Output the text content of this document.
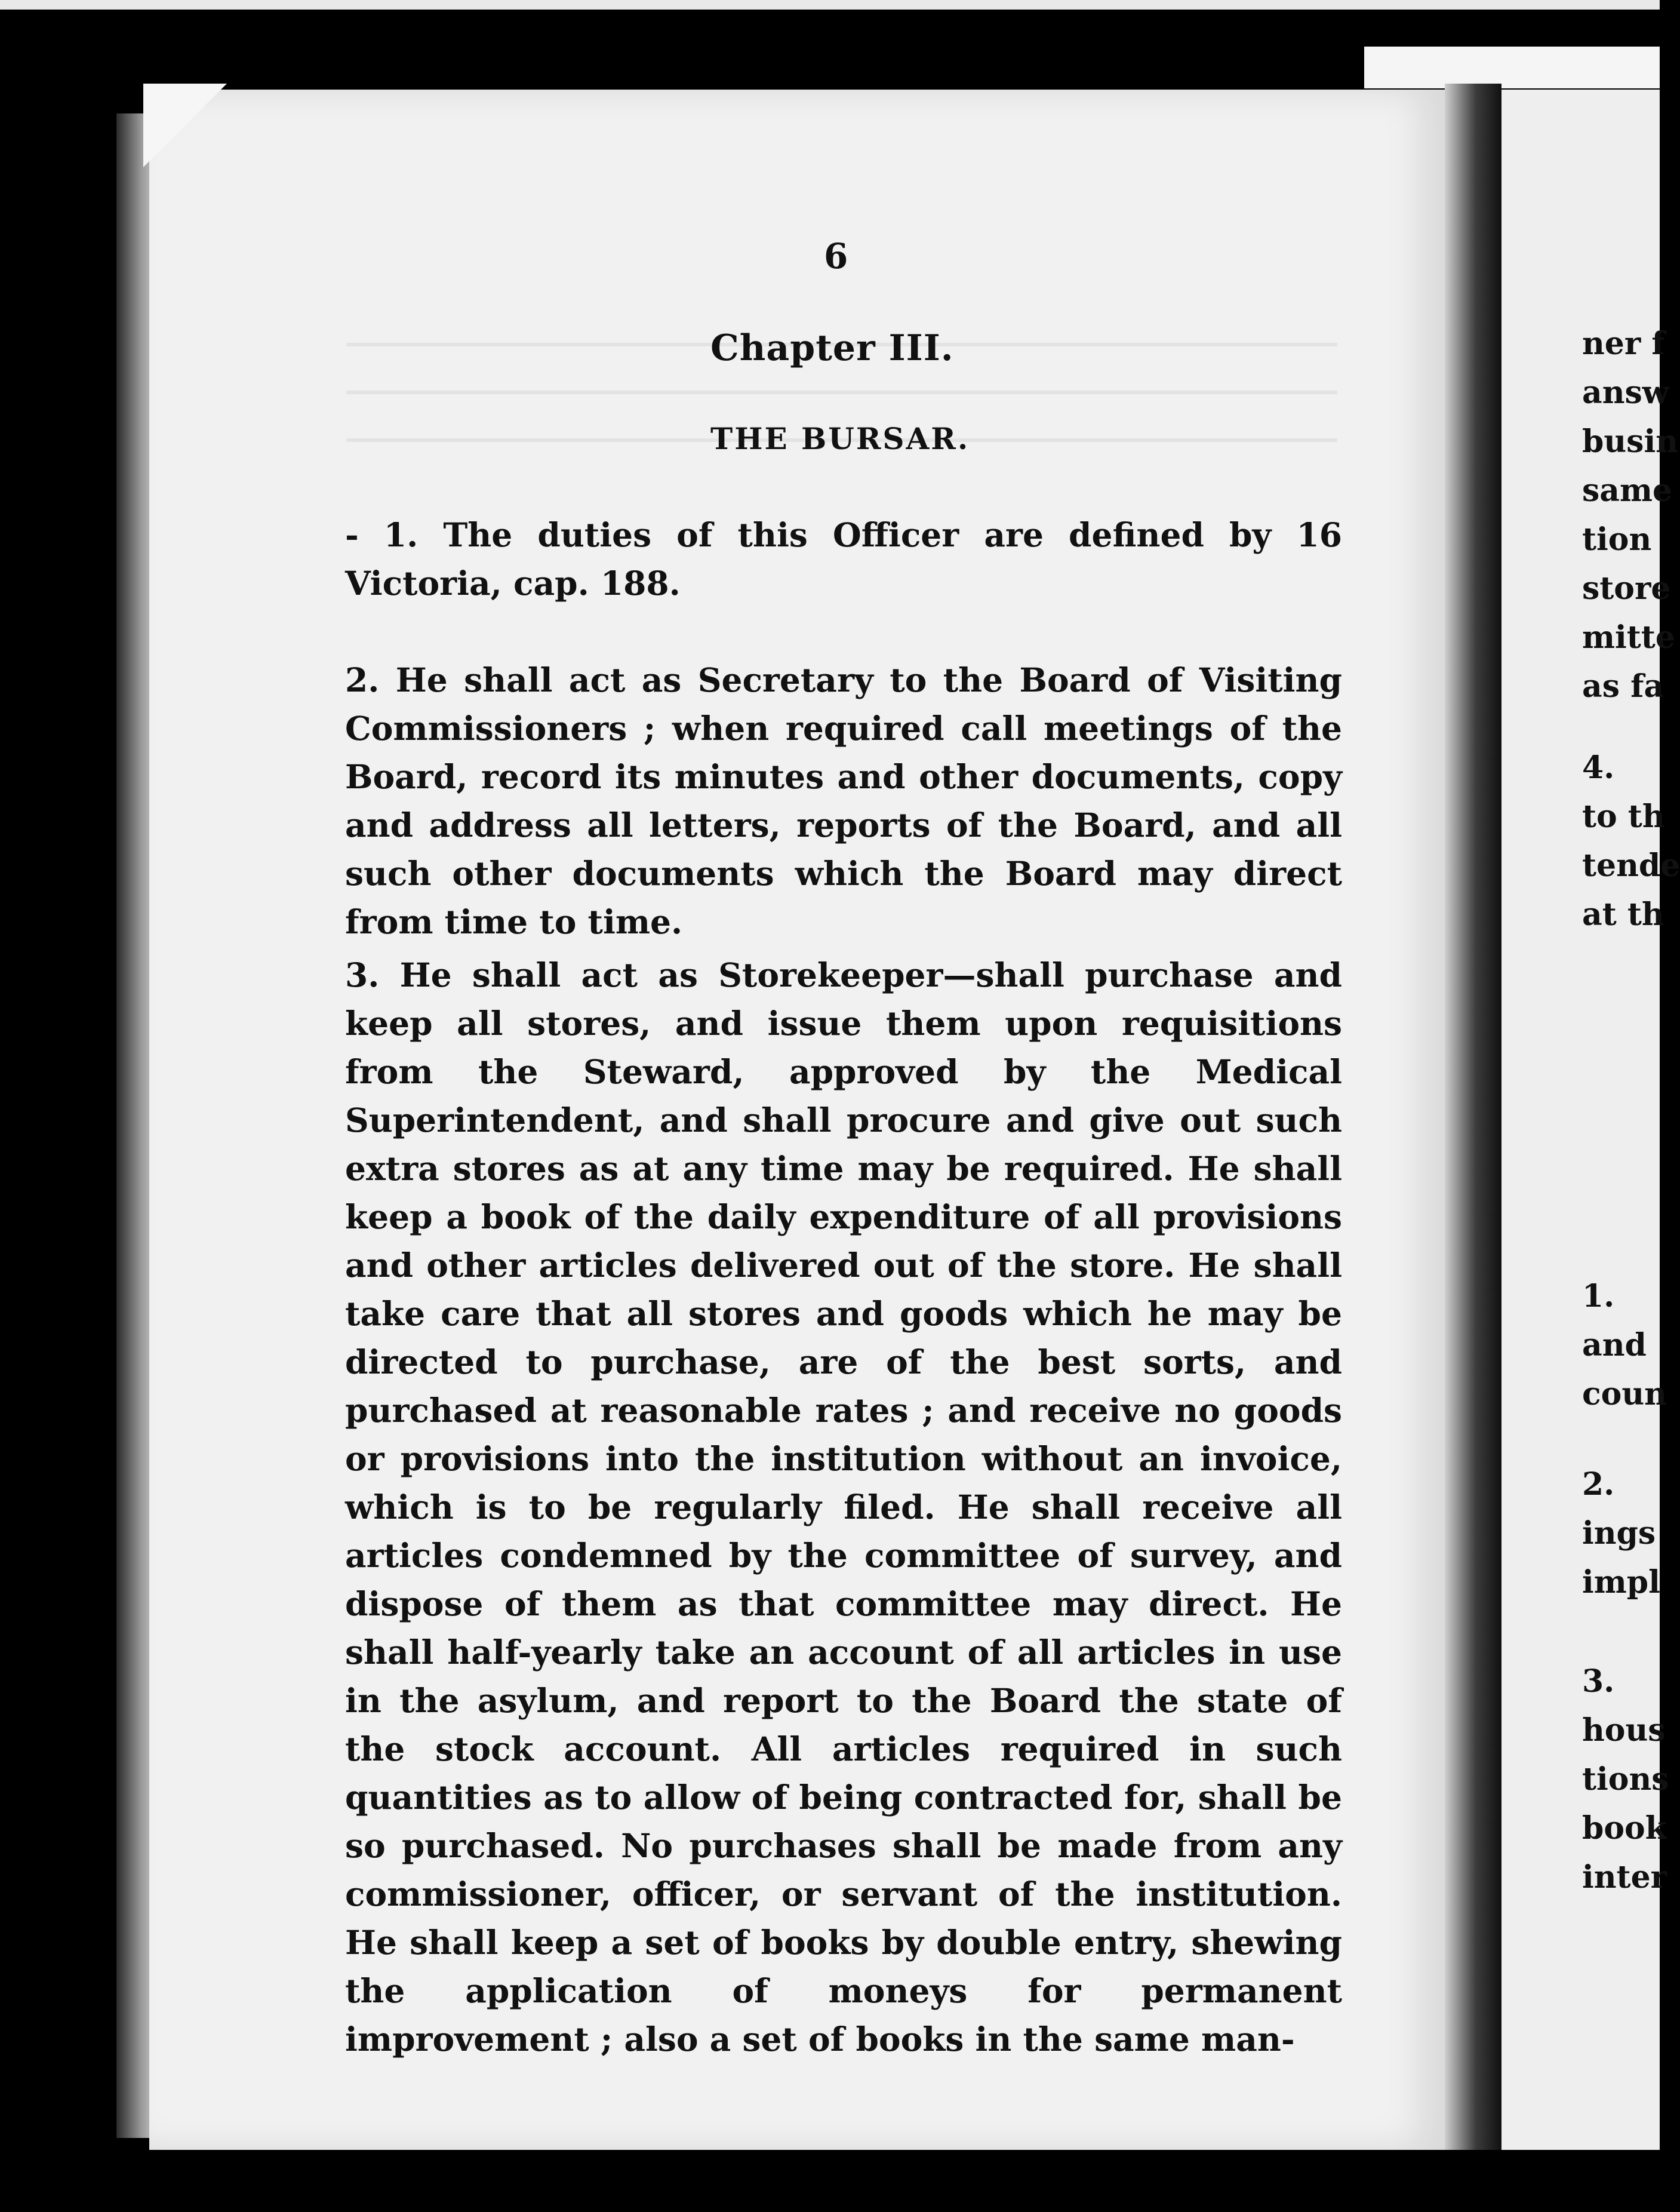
6
Chapter III.
THE BURSAR.
- 1. The duties of this Officer are defined by 16 Victoria, cap. 188.
2. He shall act as Secretary to the Board of Visiting Commissioners ; when required call meetings of the Board, record its minutes and other documents, copy and address all letters, reports of the Board, and all such other documents which the Board may direct from time to time.
3. He shall act as Storekeeper—shall purchase and keep all stores, and issue them upon requisitions from the Steward, approved by the Medical Superintendent, and shall procure and give out such extra stores as at any time may be required. He shall keep a book of the daily expenditure of all provisions and other articles delivered out of the store. He shall take care that all stores and goods which he may be directed to purchase, are of the best sorts, and purchased at reasonable rates ; and receive no goods or provisions into the institution without an invoice, which is to be regularly filed. He shall receive all articles condemned by the committee of survey, and dispose of them as that committee may direct. He shall half-yearly take an account of all articles in use in the asylum, and report to the Board the state of the stock account. All articles required in such quantities as to allow of being contracted for, shall be so purchased. No purchases shall be made from any commissioner, officer, or servant of the institution. He shall keep a set of books by double entry, shewing the application of moneys for permanent improvement ; also a set of books in the same man-
ner f
answ
busin
same
tion
store
mitte
as fa
4.
to th
tende
at th
1.
and
coun
2.
ings
impl
3.
hous
tions
book
inter
